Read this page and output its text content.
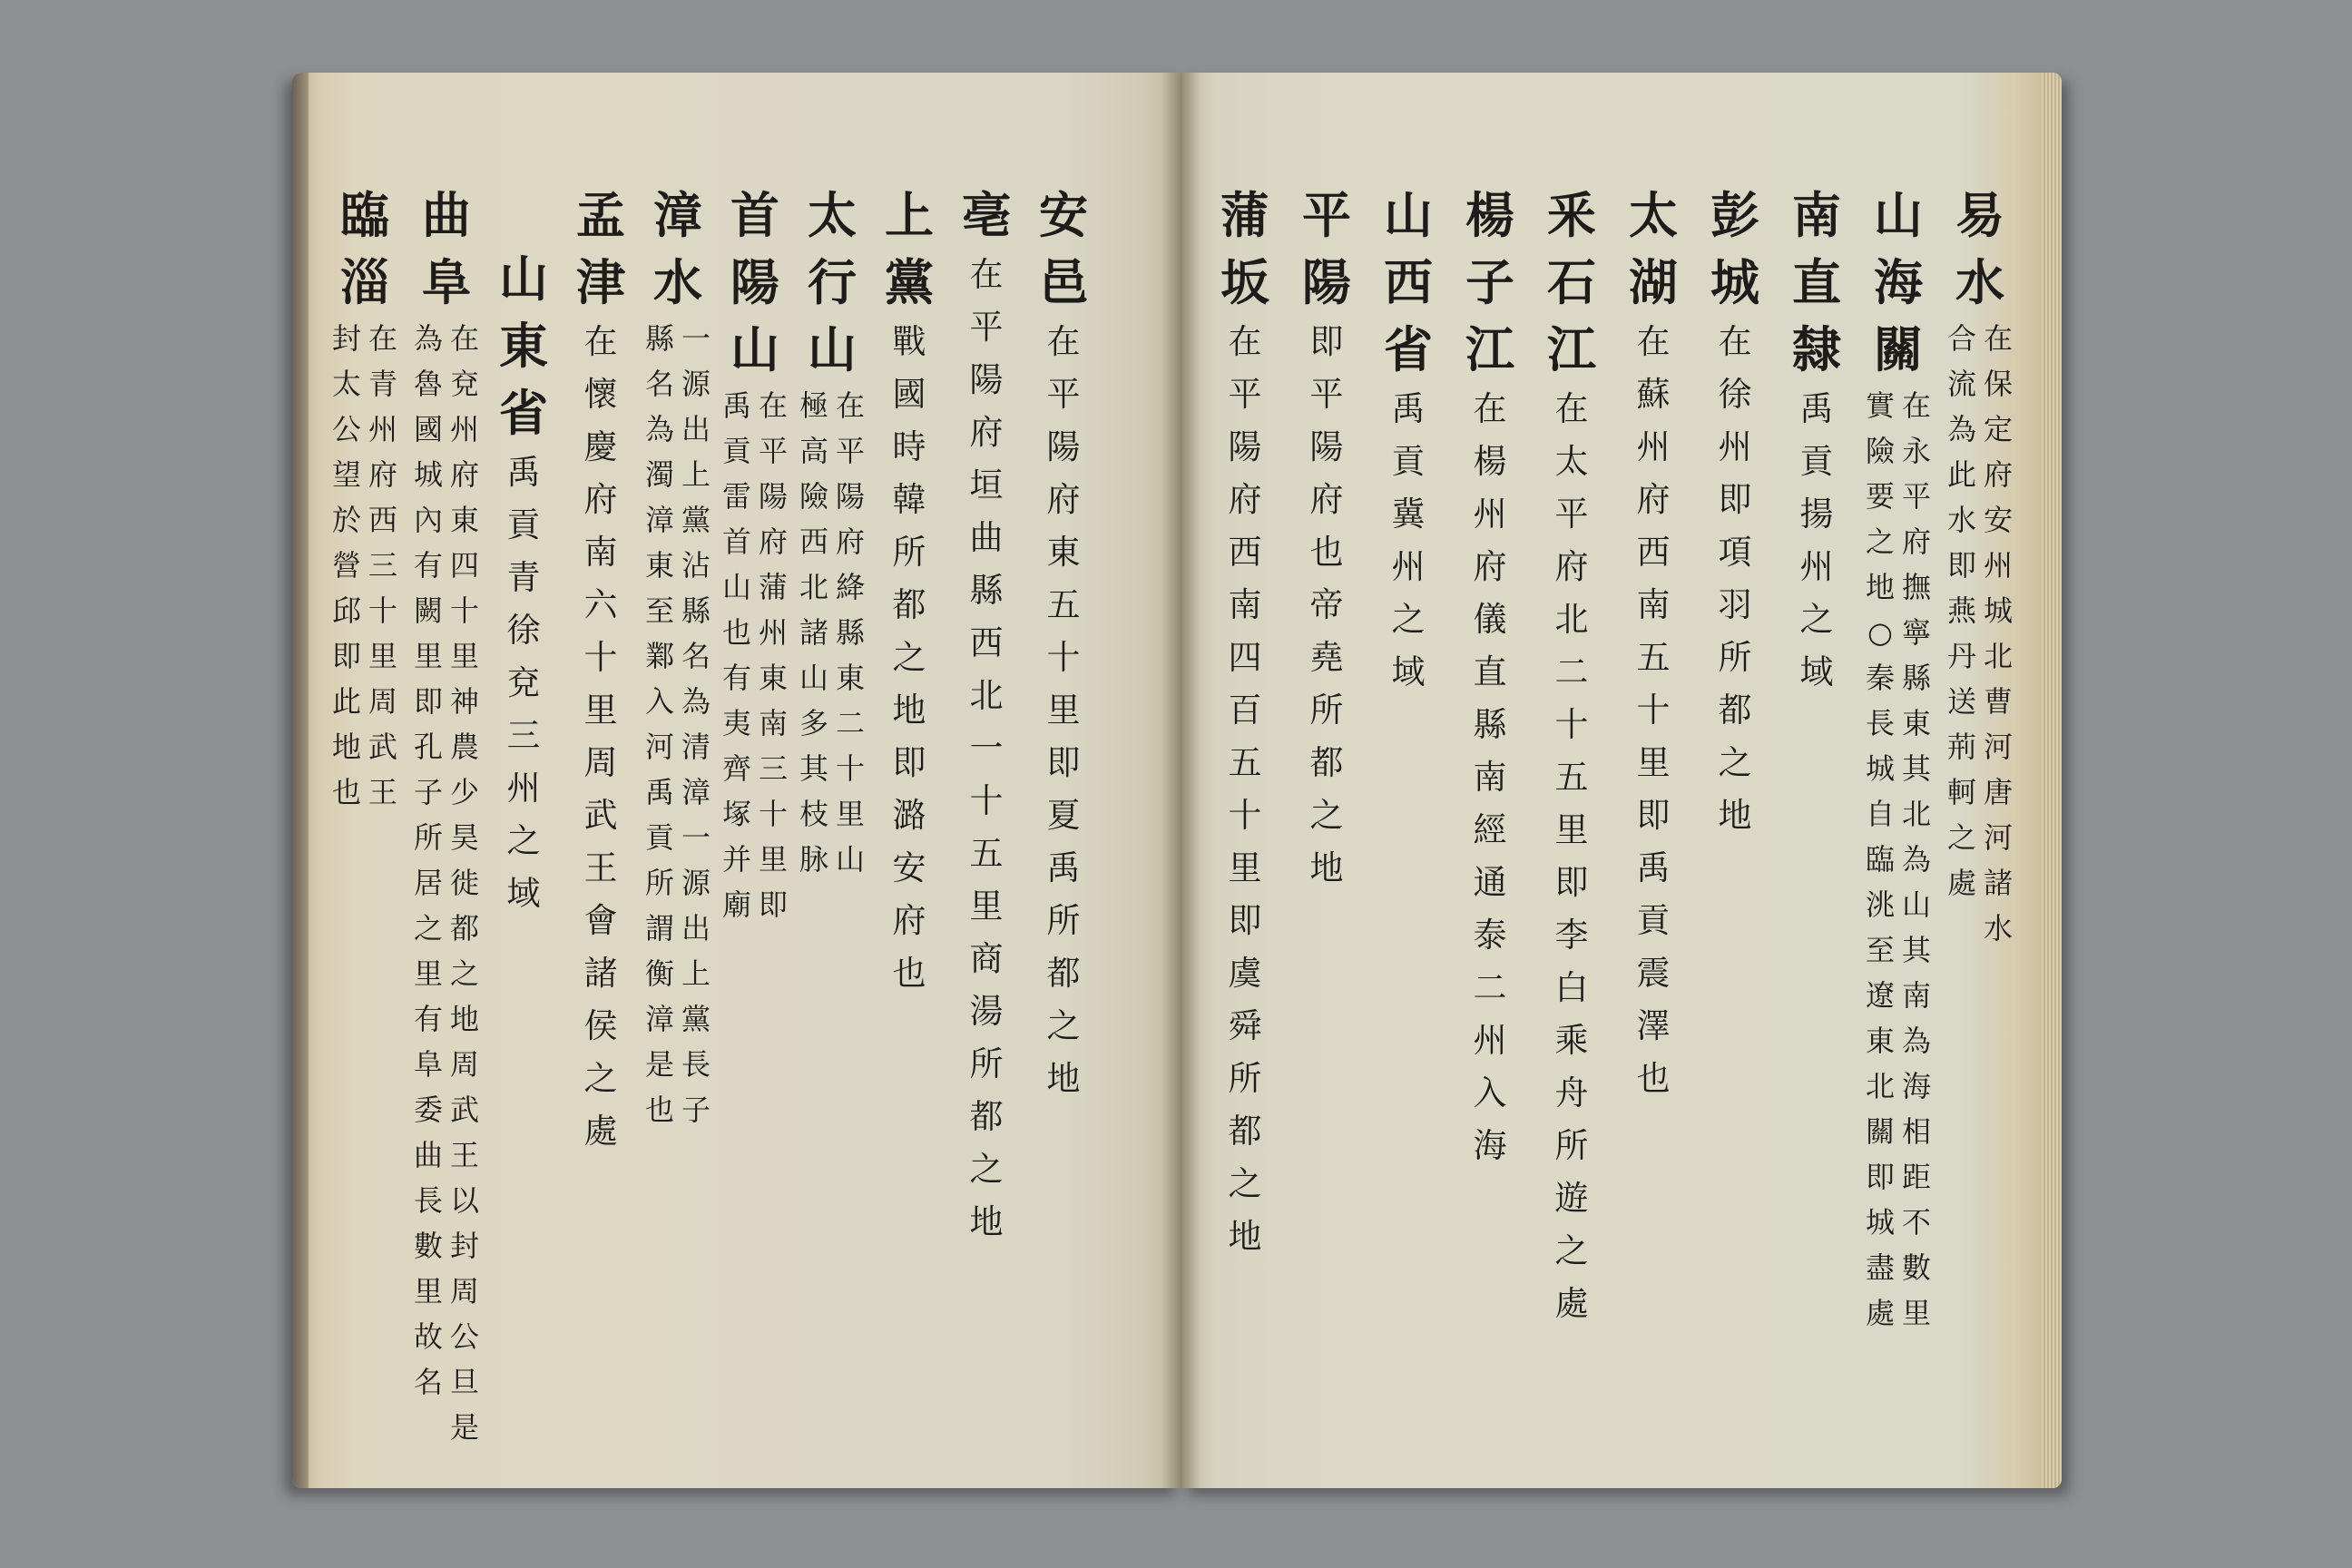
安
邑
在
平
陽
府
東
五
十
里
即
夏
禹
所
都
之
地
亳
在
平
陽
府
垣
曲
縣
西
北
一
十
五
里
商
湯
所
都
之
地
上
黨
戰
國
時
韓
所
都
之
地
即
潞
安
府
也
太
行
山
在
平
陽
府
絳
縣
東
二
十
里
山
極
高
險
西
北
諸
山
多
其
枝
脉
首
陽
山
在
平
陽
府
蒲
州
東
南
三
十
里
即
禹
貢
雷
首
山
也
有
夷
齊
塚
并
廟
漳
水
一
源
出
上
黨
沾
縣
名
為
清
漳
一
源
出
上
黨
長
子
縣
名
為
濁
漳
東
至
鄴
入
河
禹
貢
所
謂
衡
漳
是
也
孟
津
在
懷
慶
府
南
六
十
里
周
武
王
會
諸
侯
之
處
山
東
省
禹
貢
青
徐
兗
三
州
之
域
曲
阜
在
兗
州
府
東
四
十
里
神
農
少
昊
徙
都
之
地
周
武
王
以
封
周
公
旦
是
為
魯
國
城
內
有
闕
里
即
孔
子
所
居
之
里
有
阜
委
曲
長
數
里
故
名
臨
淄
在
青
州
府
西
三
十
里
周
武
王
封
太
公
望
於
營
邱
即
此
地
也
易
水
在
保
定
府
安
州
城
北
曹
河
唐
河
諸
水
合
流
為
此
水
即
燕
丹
送
荊
軻
之
處
山
海
關
在
永
平
府
撫
寧
縣
東
其
北
為
山
其
南
為
海
相
距
不
數
里
實
險
要
之
地
○
秦
長
城
自
臨
洮
至
遼
東
北
關
即
城
盡
處
南
直
隸
禹
貢
揚
州
之
域
彭
城
在
徐
州
即
項
羽
所
都
之
地
太
湖
在
蘇
州
府
西
南
五
十
里
即
禹
貢
震
澤
也
釆
石
江
在
太
平
府
北
二
十
五
里
即
李
白
乘
舟
所
遊
之
處
楊
子
江
在
楊
州
府
儀
直
縣
南
經
通
泰
二
州
入
海
山
西
省
禹
貢
冀
州
之
域
平
陽
即
平
陽
府
也
帝
堯
所
都
之
地
蒲
坂
在
平
陽
府
西
南
四
百
五
十
里
即
虞
舜
所
都
之
地
